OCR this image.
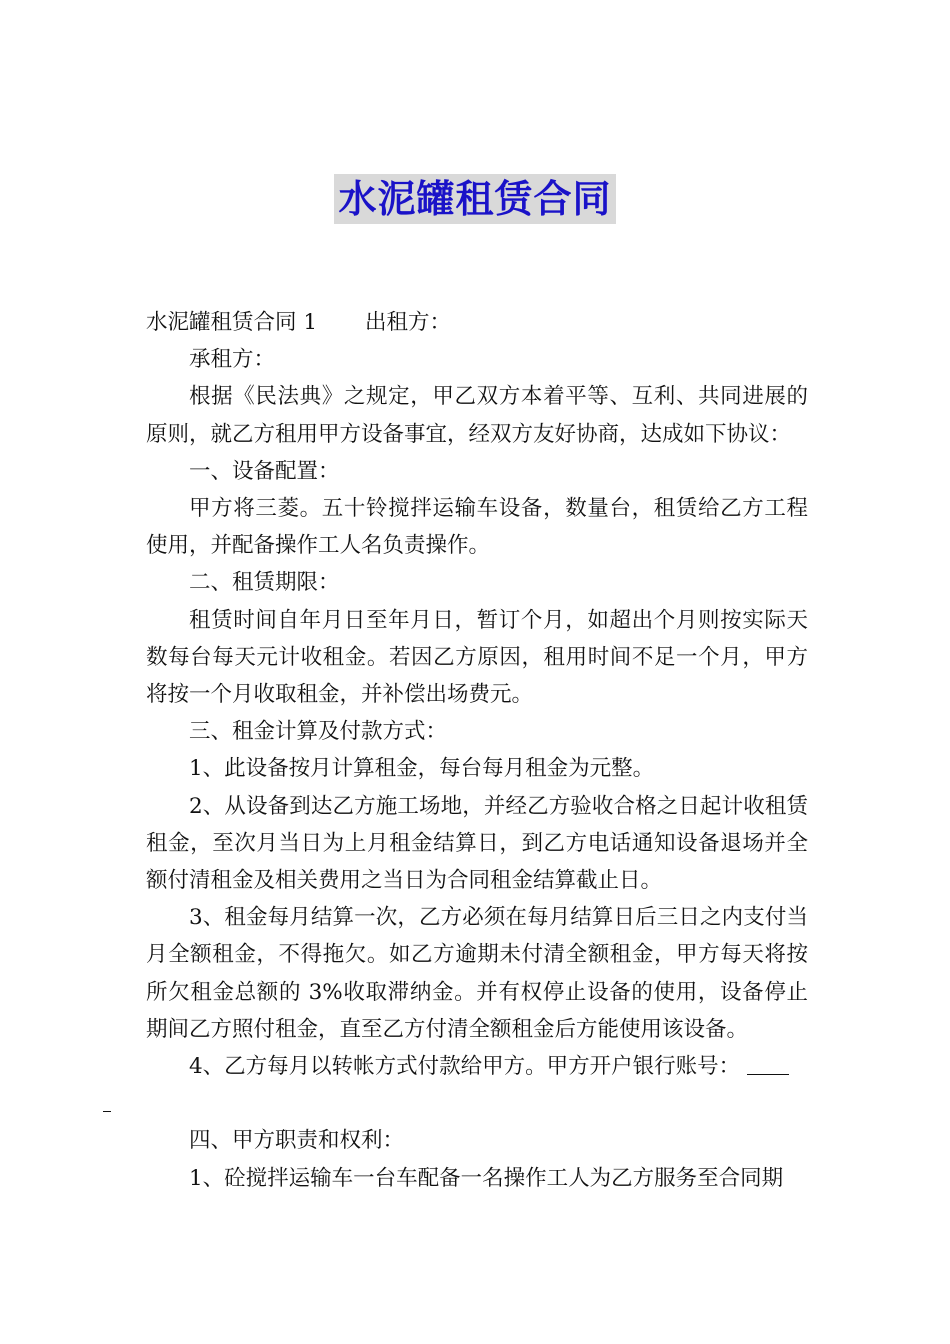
水泥罐租赁合同

水泥罐租赁合同 1 出租方：

承租方：

根据《民法典》之规定，甲乙双方本着平等、互利、共同进展的原则，就乙方租用甲方设备事宜，经双方友好协商，达成如下协议：

一、设备配置：

甲方将三菱。五十铃搅拌运输车设备，数量台，租赁给乙方工程使用，并配备操作工人名负责操作。

二、租赁期限：

租赁时间自年月日至年月日，暂订个月，如超出个月则按实际天数每台每天元计收租金。若因乙方原因，租用时间不足一个月，甲方将按一个月收取租金，并补偿出场费元。

三、租金计算及付款方式：

1、此设备按月计算租金，每台每月租金为元整。

2、从设备到达乙方施工场地，并经乙方验收合格之日起计收租赁租金，至次月当日为上月租金结算日，到乙方电话通知设备退场并全额付清租金及相关费用之当日为合同租金结算截止日。

3、租金每月结算一次，乙方必须在每月结算日后三日之内支付当月全额租金，不得拖欠。如乙方逾期未付清全额租金，甲方每天将按所欠租金总额的 3%收取滞纳金。并有权停止设备的使用，设备停止期间乙方照付租金，直至乙方付清全额租金后方能使用该设备。

4、乙方每月以转帐方式付款给甲方。甲方开户银行账号：

四、甲方职责和权利：

1、砼搅拌运输车一台车配备一名操作工人为乙方服务至合同期
